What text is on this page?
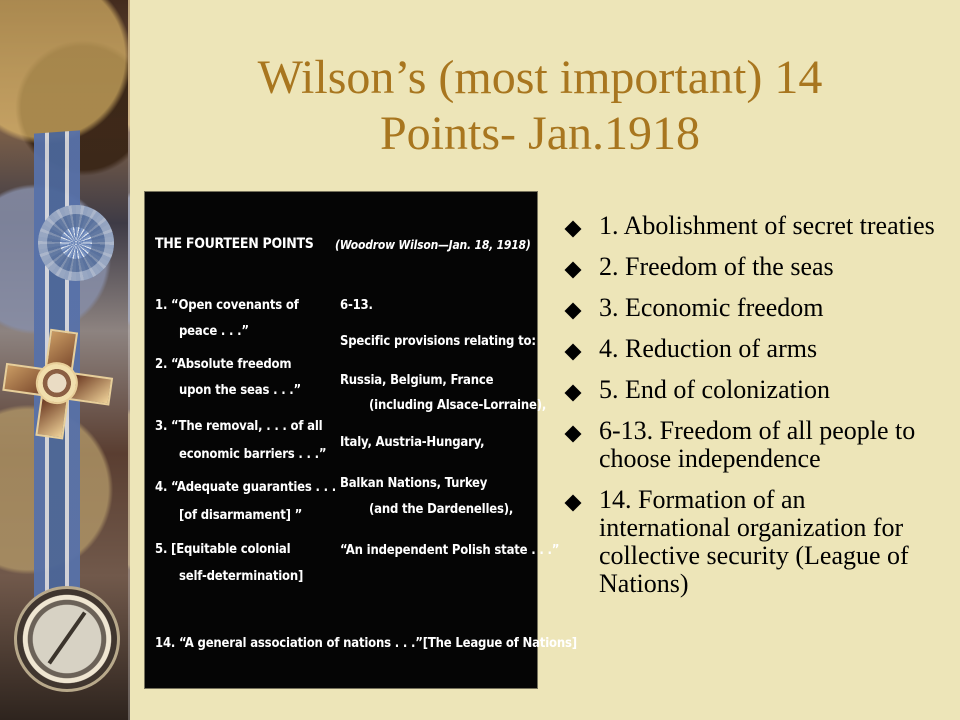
Wilson’s (most important) 14
Points- Jan.1918
THE FOURTEEN POINTS (Woodrow Wilson—Jan. 18, 1918)
1. “Open covenants of
peace . . .”
2. “Absolute freedom
upon the seas . . .”
3. “The removal, . . . of all
economic barriers . . .”
4. “Adequate guaranties . . .
[of disarmament] ”
5. [Equitable colonial
self-determination]
6-13.
Specific provisions relating to:
Russia, Belgium, France
(including Alsace-Lorraine),
Italy, Austria-Hungary,
Balkan Nations, Turkey
(and the Dardenelles),
“An independent Polish state . . .”
14. “A general association of nations . . .”[The League of Nations]
1. Abolishment of secret treaties
2. Freedom of the seas
3. Economic freedom
4. Reduction of arms
5. End of colonization
6-13. Freedom of all people to choose independence
14. Formation of an international organization for collective security (League of Nations)
